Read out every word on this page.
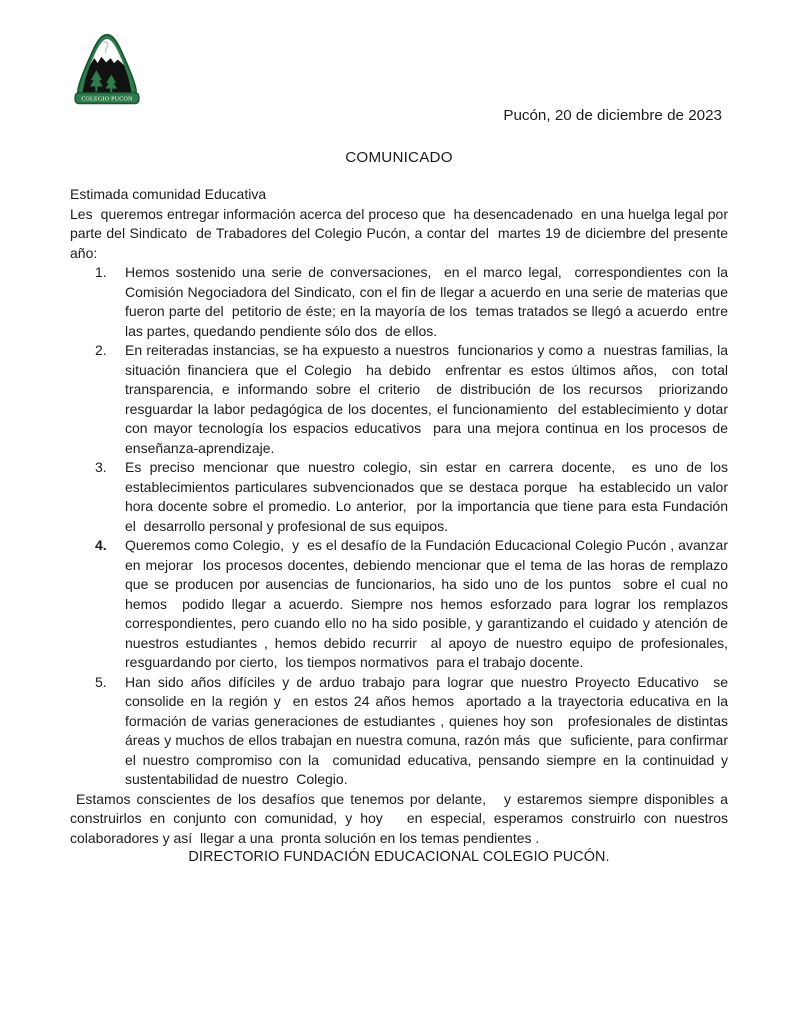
COLEGIO PUCON
Pucón, 20 de diciembre de 2023
COMUNICADO

Estimada comunidad Educativa

Les  queremos entregar información acerca del proceso que  ha desencadenado  en una huelga legal por parte del Sindicato  de Trabadores del Colegio Pucón, a contar del  martes 19 de diciembre del presente año:

1. Hemos sostenido una serie de conversaciones,  en el marco legal,  correspondientes con la Comisión Negociadora del Sindicato, con el fin de llegar a acuerdo en una serie de materias que fueron parte del  petitorio de éste; en la mayoría de los  temas tratados se llegó a acuerdo  entre las partes, quedando pendiente sólo dos  de ellos.
2. En reiteradas instancias, se ha expuesto a nuestros  funcionarios y como a  nuestras familias, la situación financiera que el Colegio  ha debido  enfrentar es estos últimos años,  con total transparencia, e informando sobre el criterio  de distribución de los recursos  priorizando resguardar la labor pedagógica de los docentes, el funcionamiento  del establecimiento y dotar  con mayor tecnología los espacios educativos  para una mejora continua en los procesos de enseñanza-aprendizaje.
3. Es preciso mencionar que nuestro colegio, sin estar en carrera docente,  es uno de los establecimientos particulares subvencionados que se destaca porque  ha establecido un valor hora docente sobre el promedio. Lo anterior,  por la importancia que tiene para esta Fundación    el  desarrollo personal y profesional de sus equipos.
4. Queremos como Colegio,  y  es el desafío de la Fundación Educacional Colegio Pucón , avanzar en mejorar  los procesos docentes, debiendo mencionar que el tema de las horas de remplazo que se producen por ausencias de funcionarios, ha sido uno de los puntos  sobre el cual no hemos  podido llegar a acuerdo. Siempre nos hemos esforzado para lograr los remplazos correspondientes, pero cuando ello no ha sido posible, y garantizando el cuidado y atención de nuestros estudiantes , hemos debido recurrir  al apoyo de nuestro equipo de profesionales, resguardando por cierto,  los tiempos normativos  para el trabajo docente.
5. Han sido años difíciles y de arduo trabajo para lograr que nuestro Proyecto Educativo  se consolide en la región y  en estos 24 años hemos  aportado a la trayectoria educativa en la formación de varias generaciones de estudiantes , quienes hoy son   profesionales de distintas áreas y muchos de ellos trabajan en nuestra comuna, razón más  que  suficiente, para confirmar  el nuestro compromiso con la  comunidad educativa, pensando siempre en la continuidad y sustentabilidad de nuestro  Colegio.

Estamos conscientes de los desafíos que tenemos por delante,   y estaremos siempre disponibles a construirlos en conjunto con comunidad, y hoy   en especial, esperamos construirlo con nuestros  colaboradores y así  llegar a una  pronta solución en los temas pendientes .

DIRECTORIO FUNDACIÓN EDUCACIONAL COLEGIO PUCÓN.
